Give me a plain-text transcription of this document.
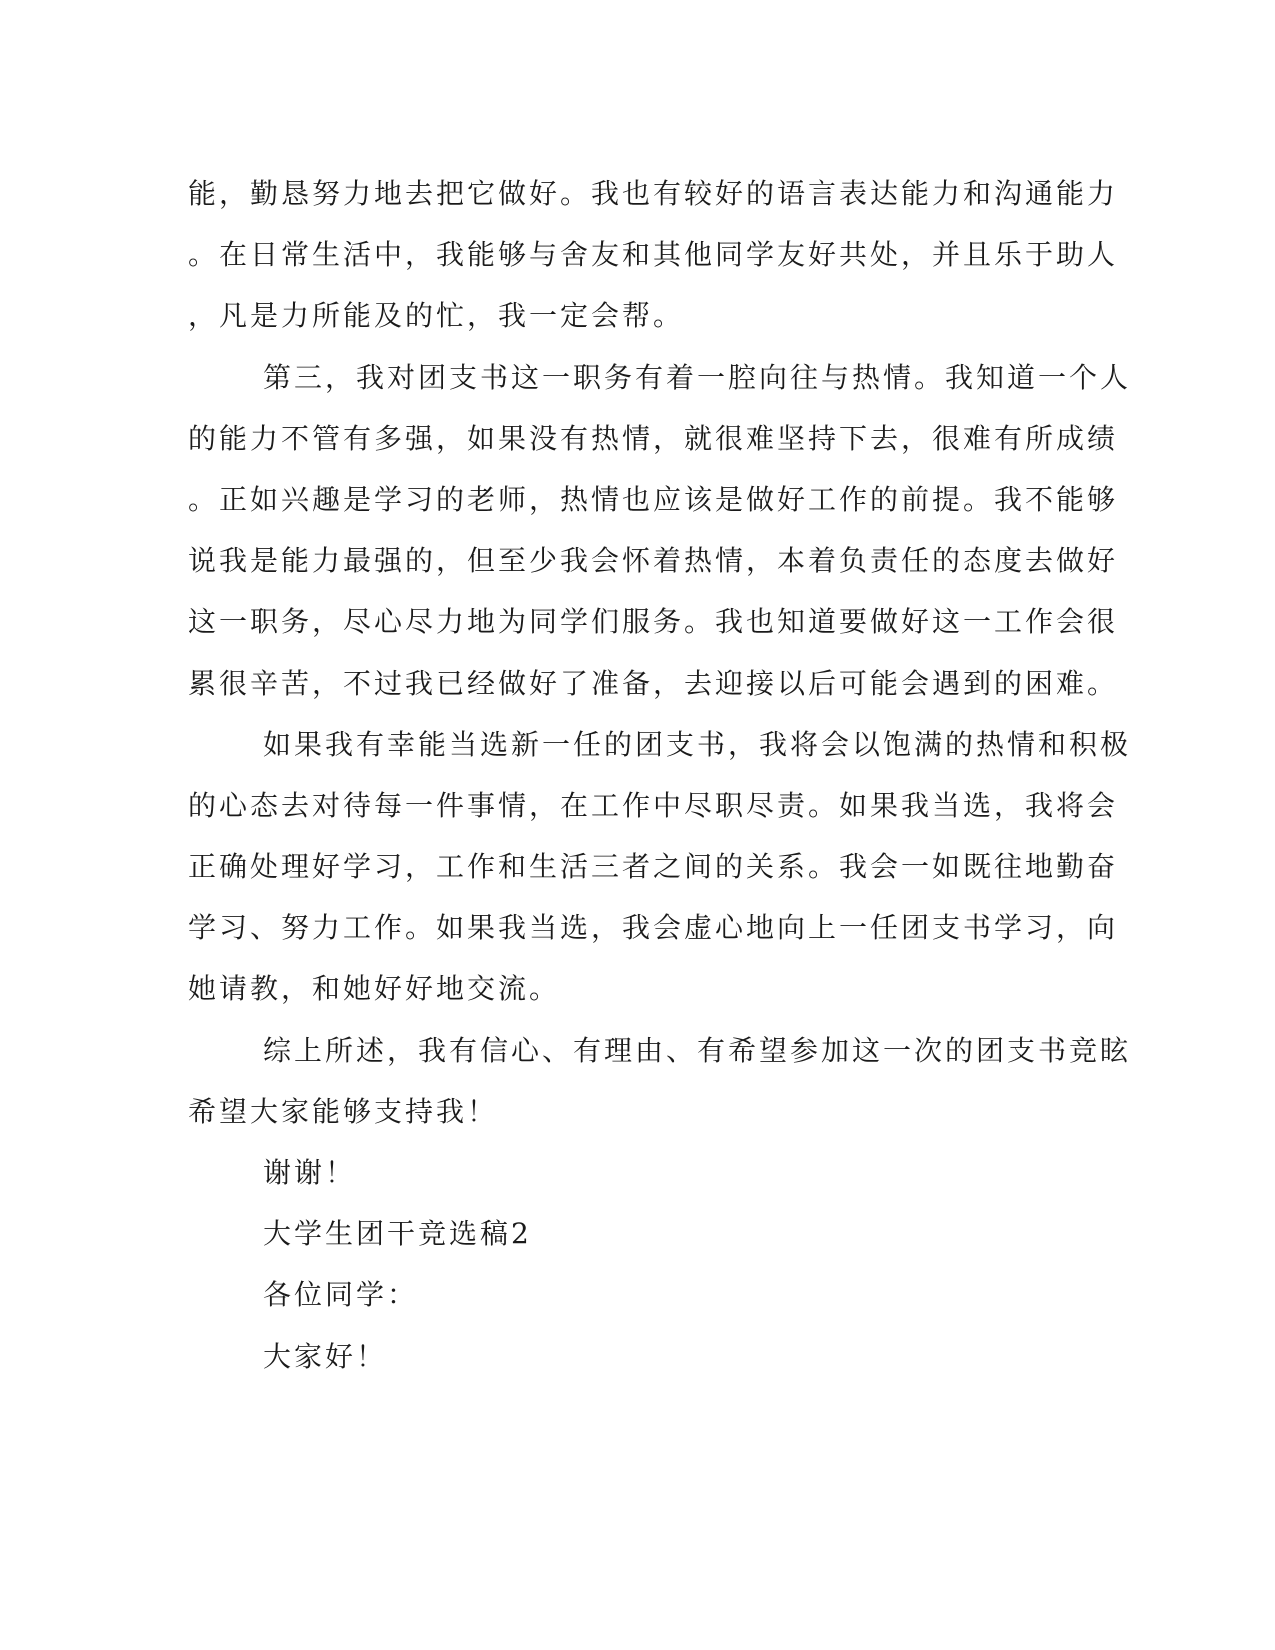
能，勤恳努力地去把它做好。我也有较好的语言表达能力和沟通能力
。在日常生活中，我能够与舍友和其他同学友好共处，并且乐于助人
，凡是力所能及的忙，我一定会帮。
第三，我对团支书这一职务有着一腔向往与热情。我知道一个人
的能力不管有多强，如果没有热情，就很难坚持下去，很难有所成绩
。正如兴趣是学习的老师，热情也应该是做好工作的前提。我不能够
说我是能力最强的，但至少我会怀着热情，本着负责任的态度去做好
这一职务，尽心尽力地为同学们服务。我也知道要做好这一工作会很
累很辛苦，不过我已经做好了准备，去迎接以后可能会遇到的困难。
如果我有幸能当选新一任的团支书，我将会以饱满的热情和积极
的心态去对待每一件事情，在工作中尽职尽责。如果我当选，我将会
正确处理好学习，工作和生活三者之间的关系。我会一如既往地勤奋
学习、努力工作。如果我当选，我会虚心地向上一任团支书学习，向
她请教，和她好好地交流。
综上所述，我有信心、有理由、有希望参加这一次的团支书竞眩
希望大家能够支持我！
谢谢！
大学生团干竞选稿2
各位同学：
大家好！
